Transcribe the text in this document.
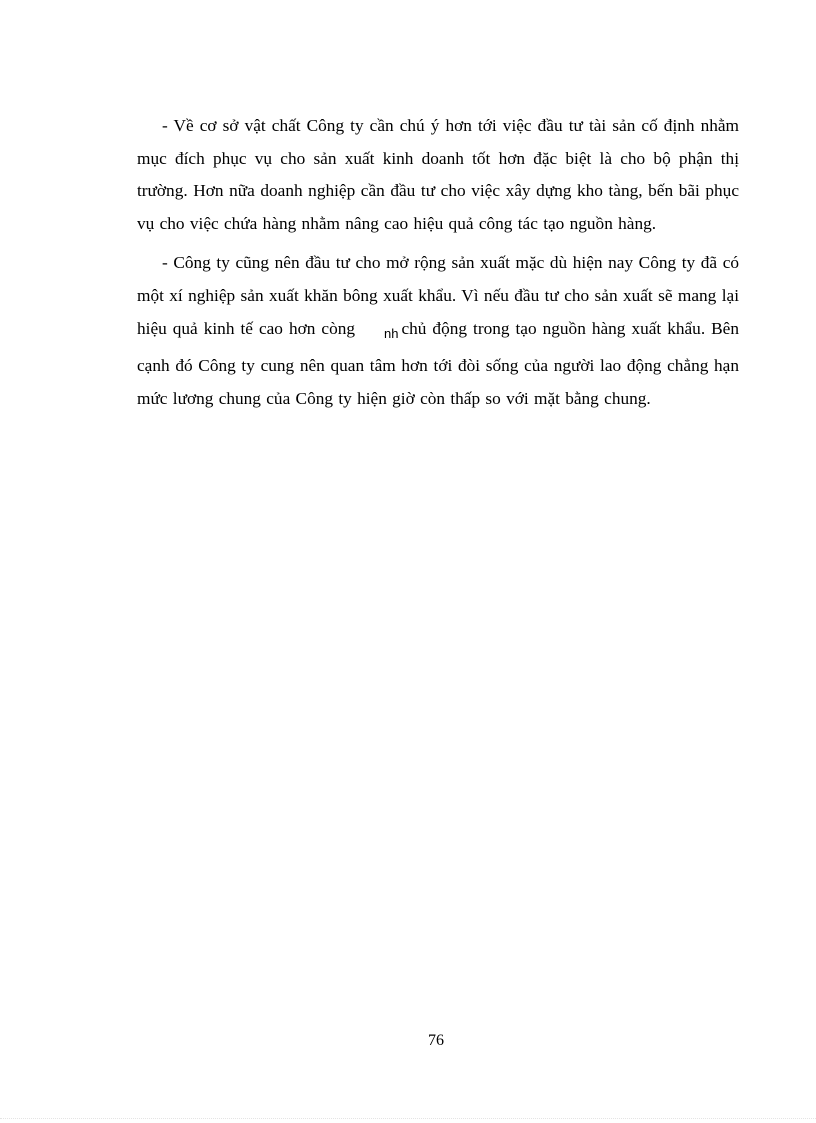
- Về cơ sở vật chất Công ty cần chú ý hơn tới việc đầu tư tài sản cố định nhằm mục đích phục vụ cho sản xuất kinh doanh tốt hơn đặc biệt là cho bộ phận thị trường. Hơn nữa doanh nghiệp cần đầu tư cho việc xây dựng kho tàng, bến bãi phục vụ cho việc chứa hàng nhằm nâng cao hiệu quả công tác tạo nguồn hàng.

- Công ty cũng nên đầu tư cho mở rộng sản xuất mặc dù hiện nay Công ty đã có một xí nghiệp sản xuất khăn bông xuất khẩu. Vì nếu đầu tư cho sản xuất sẽ mang lại hiệu quả kinh tế cao hơn còng nh chủ động trong tạo nguồn hàng xuất khẩu. Bên cạnh đó Công ty cung nên quan tâm hơn tới đòi sống của người lao động chẳng hạn mức lương chung của Công ty hiện giờ còn thấp so với mặt bằng chung.

76
